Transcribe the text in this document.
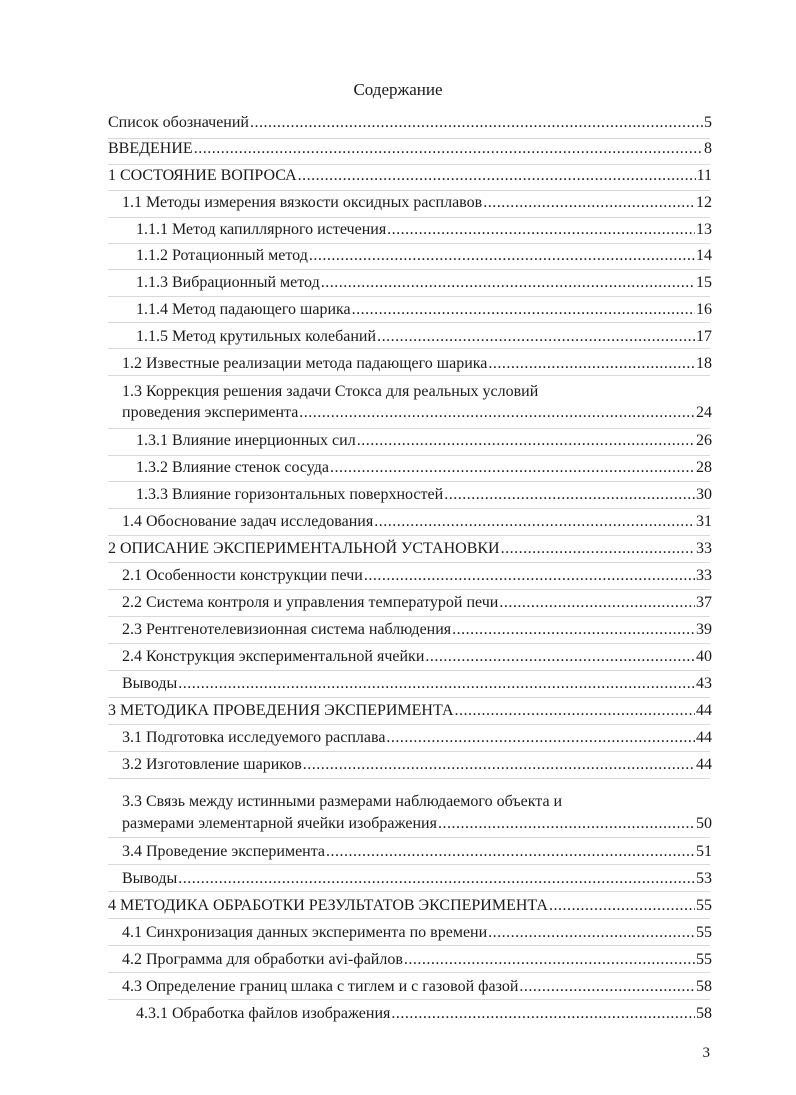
Содержание
Список обозначений .....	5
ВВЕДЕНИЕ .....	8
1 СОСТОЯНИЕ ВОПРОСА .....	11
1.1 Методы измерения вязкости оксидных расплавов .....	12
1.1.1 Метод капиллярного истечения .....	13
1.1.2 Ротационный метод .....	14
1.1.3 Вибрационный метод .....	15
1.1.4 Метод падающего шарика .....	16
1.1.5 Метод крутильных колебаний .....	17
1.2 Известные реализации метода падающего шарика .....	18
1.3 Коррекция решения задачи Стокса для реальных условий
проведения эксперимента .....	24
1.3.1 Влияние инерционных сил .....	26
1.3.2 Влияние стенок сосуда .....	28
1.3.3 Влияние горизонтальных поверхностей .....	30
1.4 Обоснование задач исследования .....	31
2 ОПИСАНИЕ ЭКСПЕРИМЕНТАЛЬНОЙ УСТАНОВКИ .....	33
2.1 Особенности конструкции печи .....	33
2.2 Система контроля и управления температурой печи .....	37
2.3 Рентгенотелевизионная система наблюдения .....	39
2.4 Конструкция экспериментальной ячейки .....	40
Выводы .....	43
3 МЕТОДИКА ПРОВЕДЕНИЯ ЭКСПЕРИМЕНТА .....	44
3.1 Подготовка исследуемого расплава .....	44
3.2 Изготовление шариков .....	44
3.3 Связь между истинными размерами наблюдаемого объекта и
размерами элементарной ячейки изображения .....	50
3.4 Проведение эксперимента .....	51
Выводы .....	53
4 МЕТОДИКА ОБРАБОТКИ РЕЗУЛЬТАТОВ ЭКСПЕРИМЕНТА .....	55
4.1 Синхронизация данных эксперимента по времени .....	55
4.2 Программа для обработки avi-файлов .....	55
4.3 Определение границ шлака с тиглем и с газовой фазой .....	58
4.3.1 Обработка файлов изображения .....	58
3
